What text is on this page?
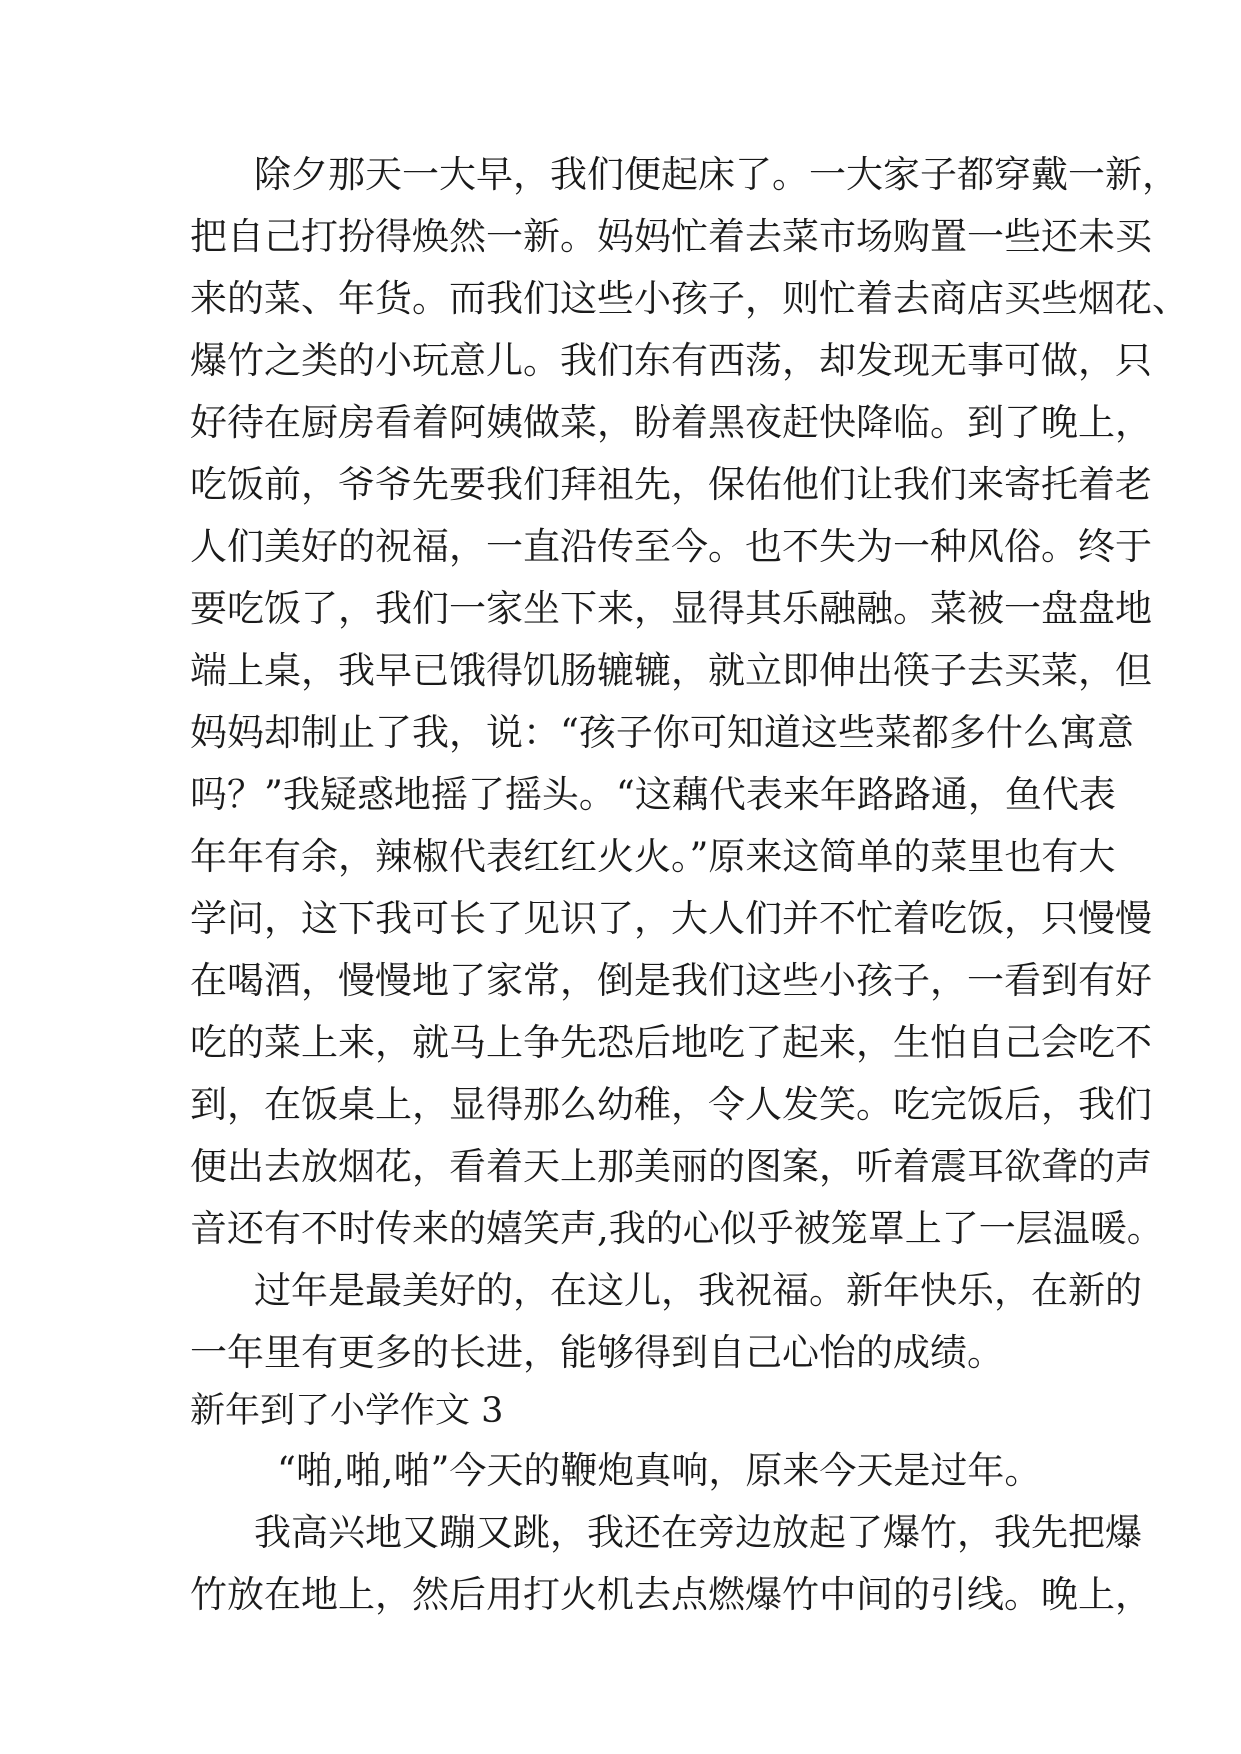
除夕那天一大早，我们便起床了。一大家子都穿戴一新，
把自己打扮得焕然一新。妈妈忙着去菜市场购置一些还未买
来的菜、年货。而我们这些小孩子，则忙着去商店买些烟花、
爆竹之类的小玩意儿。我们东有西荡，却发现无事可做，只
好待在厨房看着阿姨做菜，盼着黑夜赶快降临。到了晚上，
吃饭前，爷爷先要我们拜祖先，保佑他们让我们来寄托着老
人们美好的祝福，一直沿传至今。也不失为一种风俗。终于
要吃饭了，我们一家坐下来，显得其乐融融。菜被一盘盘地
端上桌，我早已饿得饥肠辘辘，就立即伸出筷子去买菜，但
妈妈却制止了我，说：“孩子你可知道这些菜都多什么寓意
吗？”我疑惑地摇了摇头。“这藕代表来年路路通，鱼代表
年年有余，辣椒代表红红火火。”原来这简单的菜里也有大
学问，这下我可长了见识了，大人们并不忙着吃饭，只慢慢
在喝酒，慢慢地了家常，倒是我们这些小孩子，一看到有好
吃的菜上来，就马上争先恐后地吃了起来，生怕自己会吃不
到，在饭桌上，显得那么幼稚，令人发笑。吃完饭后，我们
便出去放烟花，看着天上那美丽的图案，听着震耳欲聋的声
音还有不时传来的嬉笑声,我的心似乎被笼罩上了一层温暖。
过年是最美好的，在这儿，我祝福。新年快乐，在新的
一年里有更多的长进，能够得到自己心怡的成绩。
新年到了小学作文 3
“啪,啪,啪”今天的鞭炮真响，原来今天是过年。
我高兴地又蹦又跳，我还在旁边放起了爆竹，我先把爆
竹放在地上，然后用打火机去点燃爆竹中间的引线。晚上，
